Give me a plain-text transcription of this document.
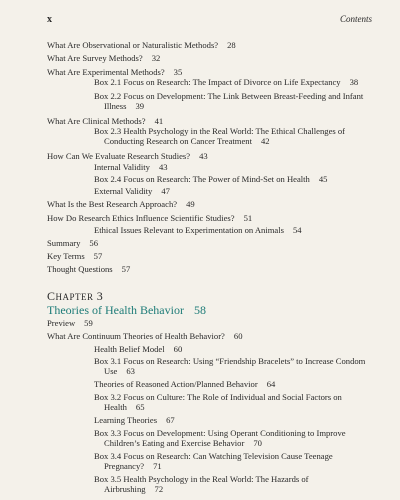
x	Contents
What Are Observational or Naturalistic Methods? 28
What Are Survey Methods? 32
What Are Experimental Methods? 35
Box 2.1 Focus on Research: The Impact of Divorce on Life Expectancy 38
Box 2.2 Focus on Development: The Link Between Breast-Feeding and Infant
Illness 39
What Are Clinical Methods? 41
Box 2.3 Health Psychology in the Real World: The Ethical Challenges of
Conducting Research on Cancer Treatment 42
How Can We Evaluate Research Studies? 43
Internal Validity 43
Box 2.4 Focus on Research: The Power of Mind-Set on Health 45
External Validity 47
What Is the Best Research Approach? 49
How Do Research Ethics Influence Scientific Studies? 51
Ethical Issues Relevant to Experimentation on Animals 54
Summary 56
Key Terms 57
Thought Questions 57
CHAPTER 3
Theories of Health Behavior 58
Preview 59
What Are Continuum Theories of Health Behavior? 60
Health Belief Model 60
Box 3.1 Focus on Research: Using “Friendship Bracelets” to Increase Condom
Use 63
Theories of Reasoned Action/Planned Behavior 64
Box 3.2 Focus on Culture: The Role of Individual and Social Factors on
Health 65
Learning Theories 67
Box 3.3 Focus on Development: Using Operant Conditioning to Improve
Children’s Eating and Exercise Behavior 70
Box 3.4 Focus on Research: Can Watching Television Cause Teenage
Pregnancy? 71
Box 3.5 Health Psychology in the Real World: The Hazards of
Airbrushing 72
